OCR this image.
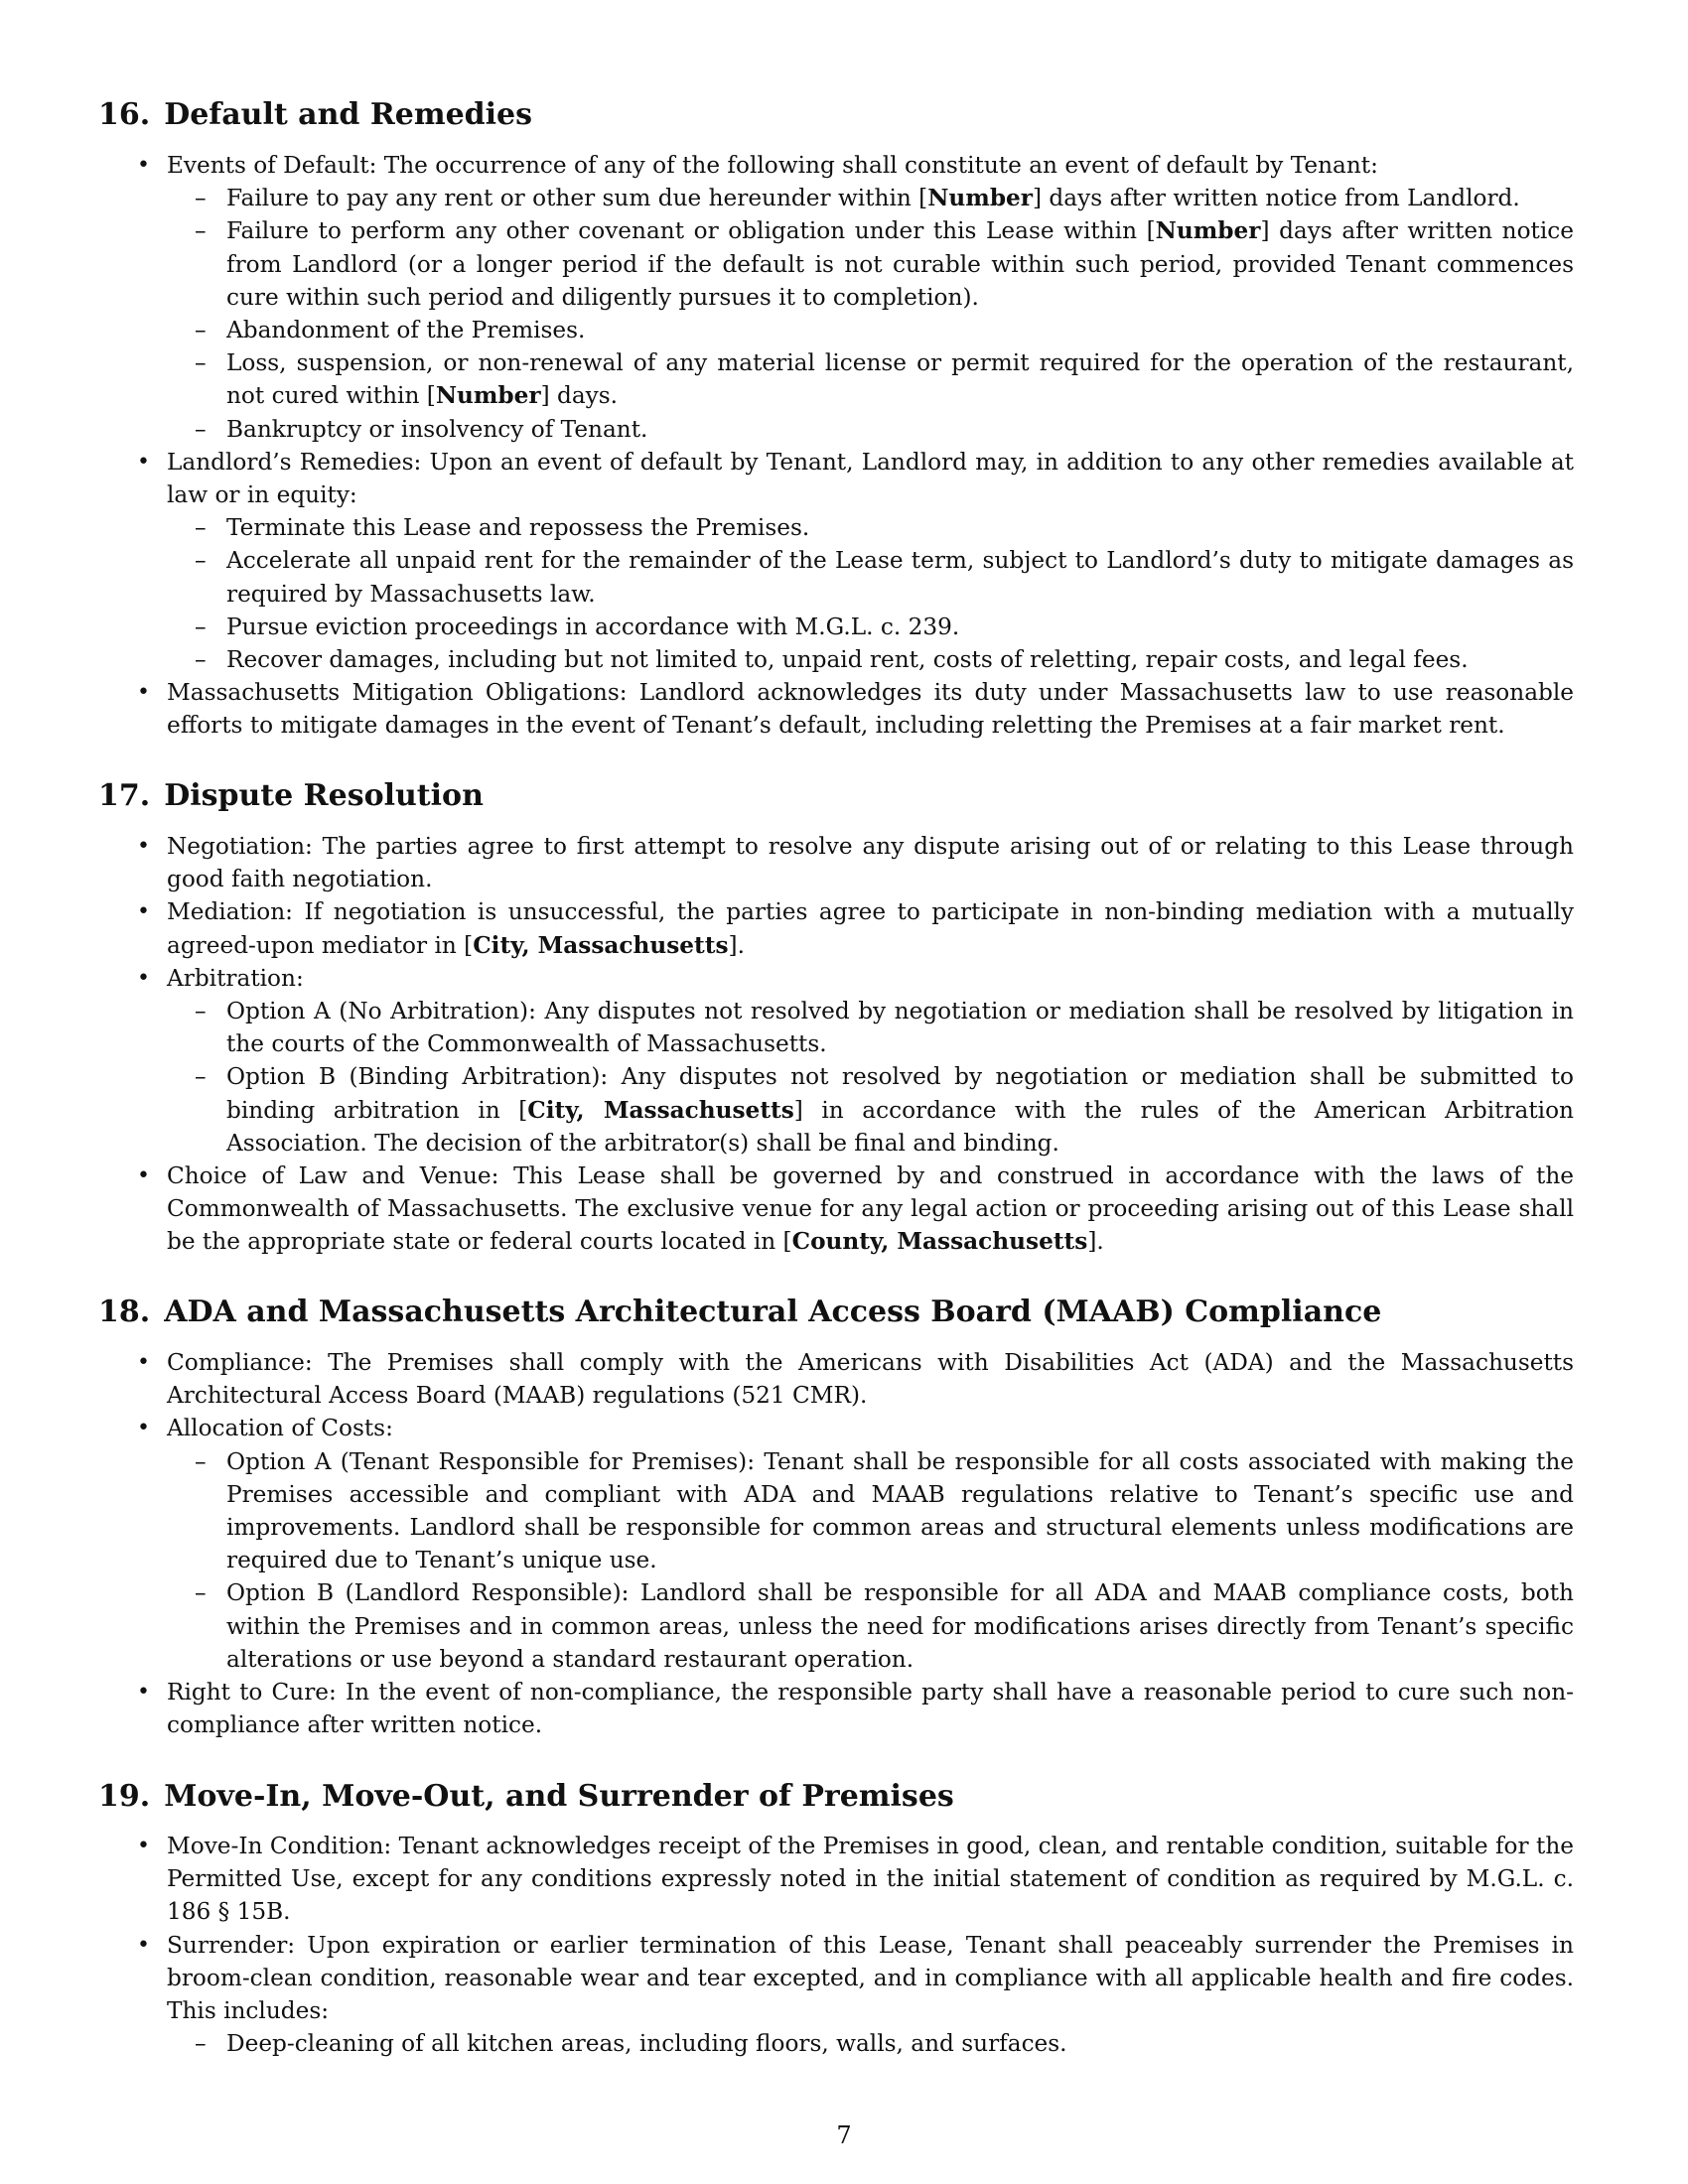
16. Default and Remedies
• Events of Default: The occurrence of any of the following shall constitute an event of default by Tenant:
– Failure to pay any rent or other sum due hereunder within [Number] days after written notice from Landlord.
– Failure to perform any other covenant or obligation under this Lease within [Number] days after written notice from Landlord (or a longer period if the default is not curable within such period, provided Tenant commences cure within such period and diligently pursues it to completion).
– Abandonment of the Premises.
– Loss, suspension, or non-renewal of any material license or permit required for the operation of the restaurant, not cured within [Number] days.
– Bankruptcy or insolvency of Tenant.
• Landlord’s Remedies: Upon an event of default by Tenant, Landlord may, in addition to any other remedies available at law or in equity:
– Terminate this Lease and repossess the Premises.
– Accelerate all unpaid rent for the remainder of the Lease term, subject to Landlord’s duty to mitigate damages as required by Massachusetts law.
– Pursue eviction proceedings in accordance with M.G.L. c. 239.
– Recover damages, including but not limited to, unpaid rent, costs of reletting, repair costs, and legal fees.
• Massachusetts Mitigation Obligations: Landlord acknowledges its duty under Massachusetts law to use reasonable efforts to mitigate damages in the event of Tenant’s default, including reletting the Premises at a fair market rent.
17. Dispute Resolution
• Negotiation: The parties agree to first attempt to resolve any dispute arising out of or relating to this Lease through good faith negotiation.
• Mediation: If negotiation is unsuccessful, the parties agree to participate in non-binding mediation with a mutually agreed-upon mediator in [City, Massachusetts].
• Arbitration:
– Option A (No Arbitration): Any disputes not resolved by negotiation or mediation shall be resolved by litigation in the courts of the Commonwealth of Massachusetts.
– Option B (Binding Arbitration): Any disputes not resolved by negotiation or mediation shall be submitted to binding arbitration in [City, Massachusetts] in accordance with the rules of the American Arbitration Association. The decision of the arbitrator(s) shall be final and binding.
• Choice of Law and Venue: This Lease shall be governed by and construed in accordance with the laws of the Commonwealth of Massachusetts. The exclusive venue for any legal action or proceeding arising out of this Lease shall be the appropriate state or federal courts located in [County, Massachusetts].
18. ADA and Massachusetts Architectural Access Board (MAAB) Compliance
• Compliance: The Premises shall comply with the Americans with Disabilities Act (ADA) and the Massachusetts Architectural Access Board (MAAB) regulations (521 CMR).
• Allocation of Costs:
– Option A (Tenant Responsible for Premises): Tenant shall be responsible for all costs associated with making the Premises accessible and compliant with ADA and MAAB regulations relative to Tenant’s specific use and improvements. Landlord shall be responsible for common areas and structural elements unless modifications are required due to Tenant’s unique use.
– Option B (Landlord Responsible): Landlord shall be responsible for all ADA and MAAB compliance costs, both within the Premises and in common areas, unless the need for modifications arises directly from Tenant’s specific alterations or use beyond a standard restaurant operation.
• Right to Cure: In the event of non-compliance, the responsible party shall have a reasonable period to cure such non-compliance after written notice.
19. Move-In, Move-Out, and Surrender of Premises
• Move-In Condition: Tenant acknowledges receipt of the Premises in good, clean, and rentable condition, suitable for the Permitted Use, except for any conditions expressly noted in the initial statement of condition as required by M.G.L. c. 186 § 15B.
• Surrender: Upon expiration or earlier termination of this Lease, Tenant shall peaceably surrender the Premises in broom-clean condition, reasonable wear and tear excepted, and in compliance with all applicable health and fire codes. This includes:
– Deep-cleaning of all kitchen areas, including floors, walls, and surfaces.
7
